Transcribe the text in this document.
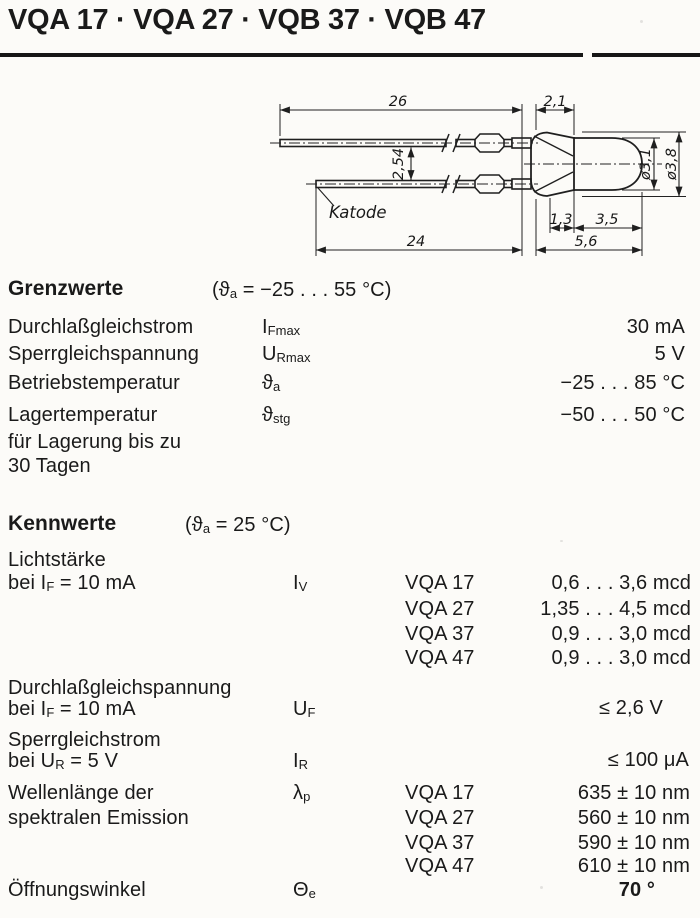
VQA 17 · VQA 27 · VQB 37 · VQB 47
26	2,1
2,54
24	5,6
1,3 3,5
ø3,1 ø3,8
Katode
Grenzwerte	($ϑ_a = -25$ . . . 55 °C)
Durchlaßgleichstrom	$I_{Fmax}$	30 mA
Sperrgleichspannung	$U_{Rmax}$	5 V
Betriebstemperatur	$ϑ_a$	−25 . . . 85 °C
Lagertemperatur
für Lagerung bis zu
30 Tagen
$ϑ_{stg}$	−50 . . . 50 °C
Kennwerte	($ϑ_a = 25$ °C)
Lichtstärke
bei $I_F = 10$ mA	$I_V$	VQA 17	0,6 . . . 3,6 mcd
VQA 27	1,35 . . . 4,5 mcd
VQA 37	0,9 . . . 3,0 mcd
VQA 47	0,9 . . . 3,0 mcd
Durchlaßgleichspannung
bei $I_F = 10$ mA	$U_F$	≤ 2,6 V
Sperrgleichstrom
bei $U_R = 5$ V	$I_R$	≤ 100 μA
Wellenlänge der
spektralen Emission
$\lambda_p$	VQA 17	635 ± 10 nm
VQA 27	560 ± 10 nm
VQA 37	590 ± 10 nm
VQA 47	610 ± 10 nm
Öffnungswinkel	$\Theta_e$	70 °
